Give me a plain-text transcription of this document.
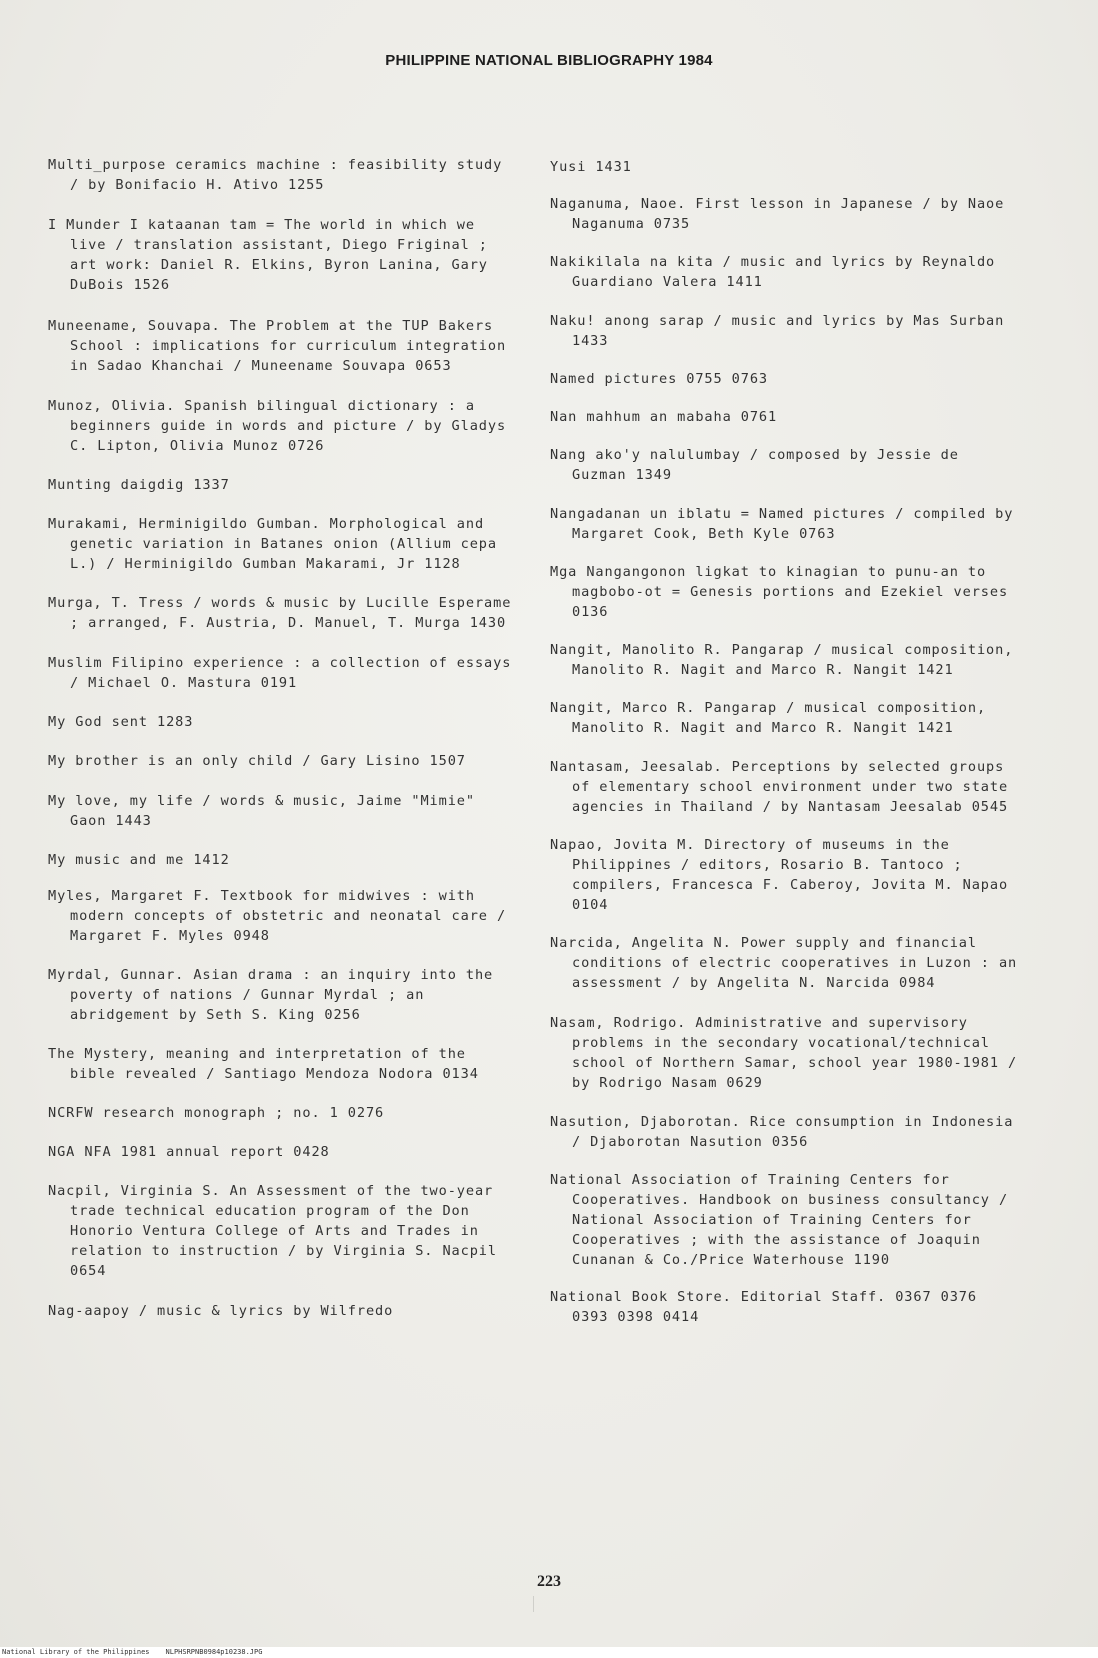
PHILIPPINE NATIONAL BIBLIOGRAPHY 1984

Multi_purpose ceramics machine : feasibility study / by Bonifacio H. Ativo 1255

I Munder I kataanan tam = The world in which we live / translation assistant, Diego Friginal ; art work: Daniel R. Elkins, Byron Lanina, Gary DuBois 1526

Muneename, Souvapa. The Problem at the TUP Bakers School : implications for curriculum integration in Sadao Khanchai / Muneename Souvapa 0653

Munoz, Olivia. Spanish bilingual dictionary : a beginners guide in words and picture / by Gladys C. Lipton, Olivia Munoz 0726

Munting daigdig 1337

Murakami, Herminigildo Gumban. Morphological and genetic variation in Batanes onion (Allium cepa L.) / Herminigildo Gumban Makarami, Jr 1128

Murga, T. Tress / words & music by Lucille Esperame ; arranged, F. Austria, D. Manuel, T. Murga 1430

Muslim Filipino experience : a collection of essays / Michael O. Mastura 0191

My God sent 1283

My brother is an only child / Gary Lisino 1507

My love, my life / words & music, Jaime "Mimie" Gaon 1443

My music and me 1412

Myles, Margaret F. Textbook for midwives : with modern concepts of obstetric and neonatal care / Margaret F. Myles 0948

Myrdal, Gunnar. Asian drama : an inquiry into the poverty of nations / Gunnar Myrdal ; an abridgement by Seth S. King 0256

The Mystery, meaning and interpretation of the bible revealed / Santiago Mendoza Nodora 0134

NCRFW research monograph ; no. 1 0276

NGA NFA 1981 annual report 0428

Nacpil, Virginia S. An Assessment of the two-year trade technical education program of the Don Honorio Ventura College of Arts and Trades in relation to instruction / by Virginia S. Nacpil 0654

Nag-aapoy / music & lyrics by Wilfredo

Yusi 1431

Naganuma, Naoe. First lesson in Japanese / by Naoe Naganuma 0735

Nakikilala na kita / music and lyrics by Reynaldo Guardiano Valera 1411

Naku! anong sarap / music and lyrics by Mas Surban 1433

Named pictures 0755 0763

Nan mahhum an mabaha 0761

Nang ako'y nalulumbay / composed by Jessie de Guzman 1349

Nangadanan un iblatu = Named pictures / compiled by Margaret Cook, Beth Kyle 0763

Mga Nangangonon ligkat to kinagian to punu-an to magbobo-ot = Genesis portions and Ezekiel verses 0136

Nangit, Manolito R. Pangarap / musical composition, Manolito R. Nagit and Marco R. Nangit 1421

Nangit, Marco R. Pangarap / musical composition, Manolito R. Nagit and Marco R. Nangit 1421

Nantasam, Jeesalab. Perceptions by selected groups of elementary school environment under two state agencies in Thailand / by Nantasam Jeesalab 0545

Napao, Jovita M. Directory of museums in the Philippines / editors, Rosario B. Tantoco ; compilers, Francesca F. Caberoy, Jovita M. Napao 0104

Narcida, Angelita N. Power supply and financial conditions of electric cooperatives in Luzon : an assessment / by Angelita N. Narcida 0984

Nasam, Rodrigo. Administrative and supervisory problems in the secondary vocational/technical school of Northern Samar, school year 1980-1981 / by Rodrigo Nasam 0629

Nasution, Djaborotan. Rice consumption in Indonesia / Djaborotan Nasution 0356

National Association of Training Centers for Cooperatives. Handbook on business consultancy / National Association of Training Centers for Cooperatives ; with the assistance of Joaquin Cunanan & Co./Price Waterhouse 1190

National Book Store. Editorial Staff. 0367 0376 0393 0398 0414

223
National Library of the Philippines NLPHSRPNB0984p10238.JPG
